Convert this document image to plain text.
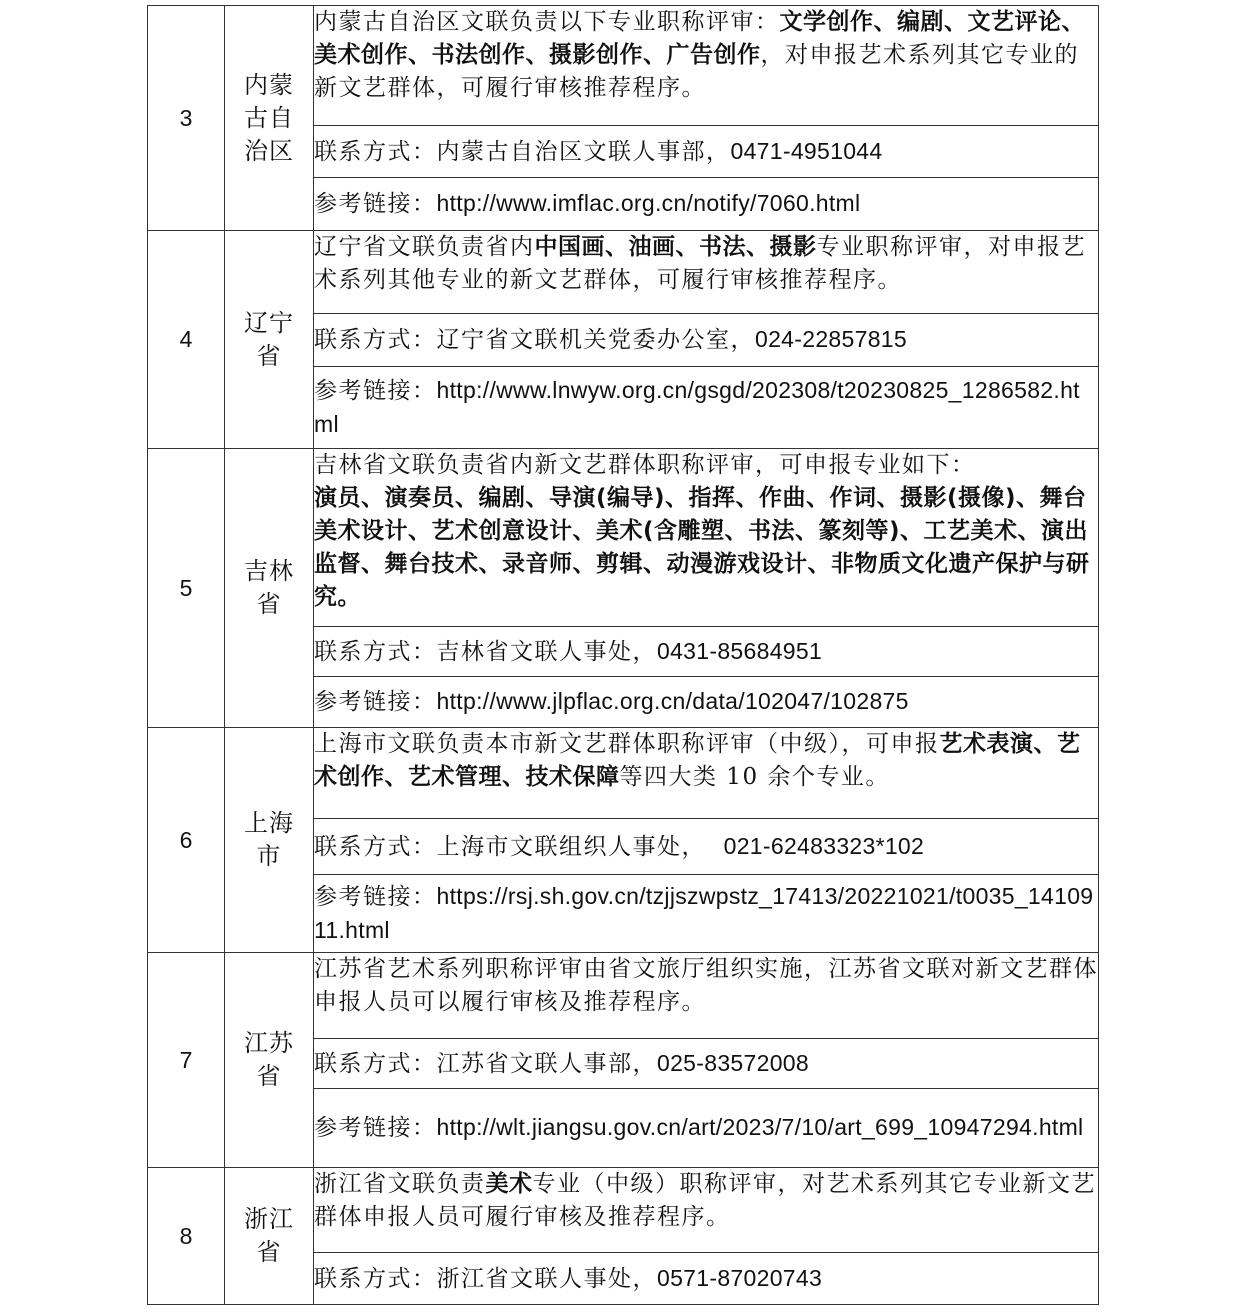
3	内蒙古自治区	内蒙古自治区文联负责以下专业职称评审：文学创作、编剧、文艺评论、美术创作、书法创作、摄影创作、广告创作，对申报艺术系列其它专业的新文艺群体，可履行审核推荐程序。
		联系方式：内蒙古自治区文联人事部，0471-4951044
		参考链接：http://www.imflac.org.cn/notify/7060.html
4	辽宁省	辽宁省文联负责省内中国画、油画、书法、摄影专业职称评审，对申报艺术系列其他专业的新文艺群体，可履行审核推荐程序。
		联系方式：辽宁省文联机关党委办公室，024-22857815
		参考链接：http://www.lnwyw.org.cn/gsgd/202308/t20230825_1286582.html
5	吉林省	吉林省文联负责省内新文艺群体职称评审，可申报专业如下：
演员、演奏员、编剧、导演(编导)、指挥、作曲、作词、摄影(摄像)、舞台美术设计、艺术创意设计、美术(含雕塑、书法、篆刻等)、工艺美术、演出监督、舞台技术、录音师、剪辑、动漫游戏设计、非物质文化遗产保护与研究。
		联系方式：吉林省文联人事处，0431-85684951
		参考链接：http://www.jlpflac.org.cn/data/102047/102875
6	上海市	上海市文联负责本市新文艺群体职称评审（中级），可申报艺术表演、艺术创作、艺术管理、技术保障等四大类 10 余个专业。
		联系方式：上海市文联组织人事处， 021-62483323*102
		参考链接：https://rsj.sh.gov.cn/tzjjszwpstz_17413/20221021/t0035_1410911.html
7	江苏省	江苏省艺术系列职称评审由省文旅厅组织实施，江苏省文联对新文艺群体申报人员可以履行审核及推荐程序。
		联系方式：江苏省文联人事部，025-83572008
		参考链接：http://wlt.jiangsu.gov.cn/art/2023/7/10/art_699_10947294.html
8	浙江省	浙江省文联负责美术专业（中级）职称评审，对艺术系列其它专业新文艺群体申报人员可履行审核及推荐程序。
		联系方式：浙江省文联人事处，0571-87020743
